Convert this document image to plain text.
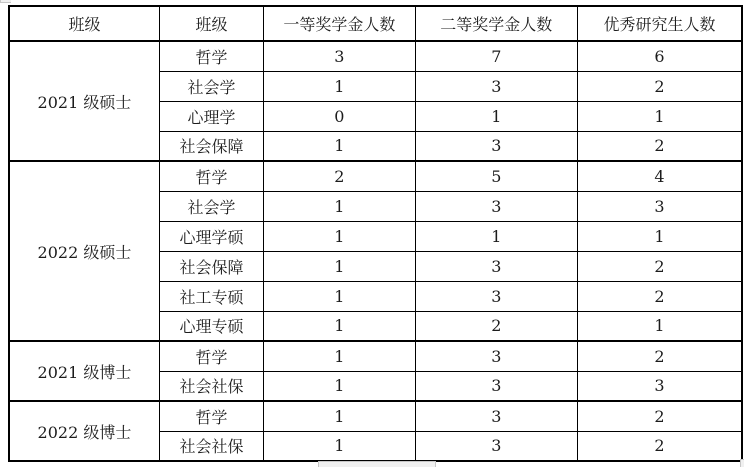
班级	班级	一等奖学金人数	二等奖学金人数	优秀研究生人数
2021 级硕士	哲学	3	7	6
	社会学	1	3	2
	心理学	0	1	1
	社会保障	1	3	2
2022 级硕士	哲学	2	5	4
	社会学	1	3	3
	心理学硕	1	1	1
	社会保障	1	3	2
	社工专硕	1	3	2
	心理专硕	1	2	1
2021 级博士	哲学	1	3	2
	社会社保	1	3	3
2022 级博士	哲学	1	3	2
	社会社保	1	3	2
